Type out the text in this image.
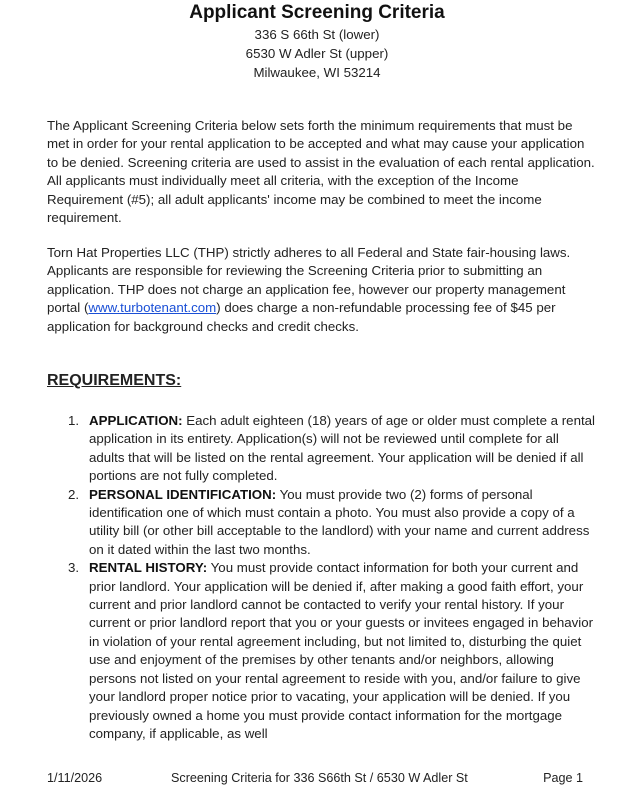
Applicant Screening Criteria
336 S 66th St (lower)
6530 W Adler St (upper)
Milwaukee, WI 53214

The Applicant Screening Criteria below sets forth the minimum requirements that must be met in order for your rental application to be accepted and what may cause your application to be denied. Screening criteria are used to assist in the evaluation of each rental application. All applicants must individually meet all criteria, with the exception of the Income Requirement (#5); all adult applicants' income may be combined to meet the income requirement.

Torn Hat Properties LLC (THP) strictly adheres to all Federal and State fair-housing laws. Applicants are responsible for reviewing the Screening Criteria prior to submitting an application. THP does not charge an application fee, however our property management portal (www.turbotenant.com) does charge a non-refundable processing fee of $45 per application for background checks and credit checks.

REQUIREMENTS:
1. APPLICATION: Each adult eighteen (18) years of age or older must complete a rental application in its entirety. Application(s) will not be reviewed until complete for all adults that will be listed on the rental agreement. Your application will be denied if all portions are not fully completed.
2. PERSONAL IDENTIFICATION: You must provide two (2) forms of personal identification one of which must contain a photo. You must also provide a copy of a utility bill (or other bill acceptable to the landlord) with your name and current address on it dated within the last two months.
3. RENTAL HISTORY: You must provide contact information for both your current and prior landlord. Your application will be denied if, after making a good faith effort, your current and prior landlord cannot be contacted to verify your rental history. If your current or prior landlord report that you or your guests or invitees engaged in behavior in violation of your rental agreement including, but not limited to, disturbing the quiet use and enjoyment of the premises by other tenants and/or neighbors, allowing persons not listed on your rental agreement to reside with you, and/or failure to give your landlord proper notice prior to vacating, your application will be denied. If you previously owned a home you must provide contact information for the mortgage company, if applicable, as well
1/11/2026	Screening Criteria for 336 S66th St / 6530 W Adler St	Page 1
